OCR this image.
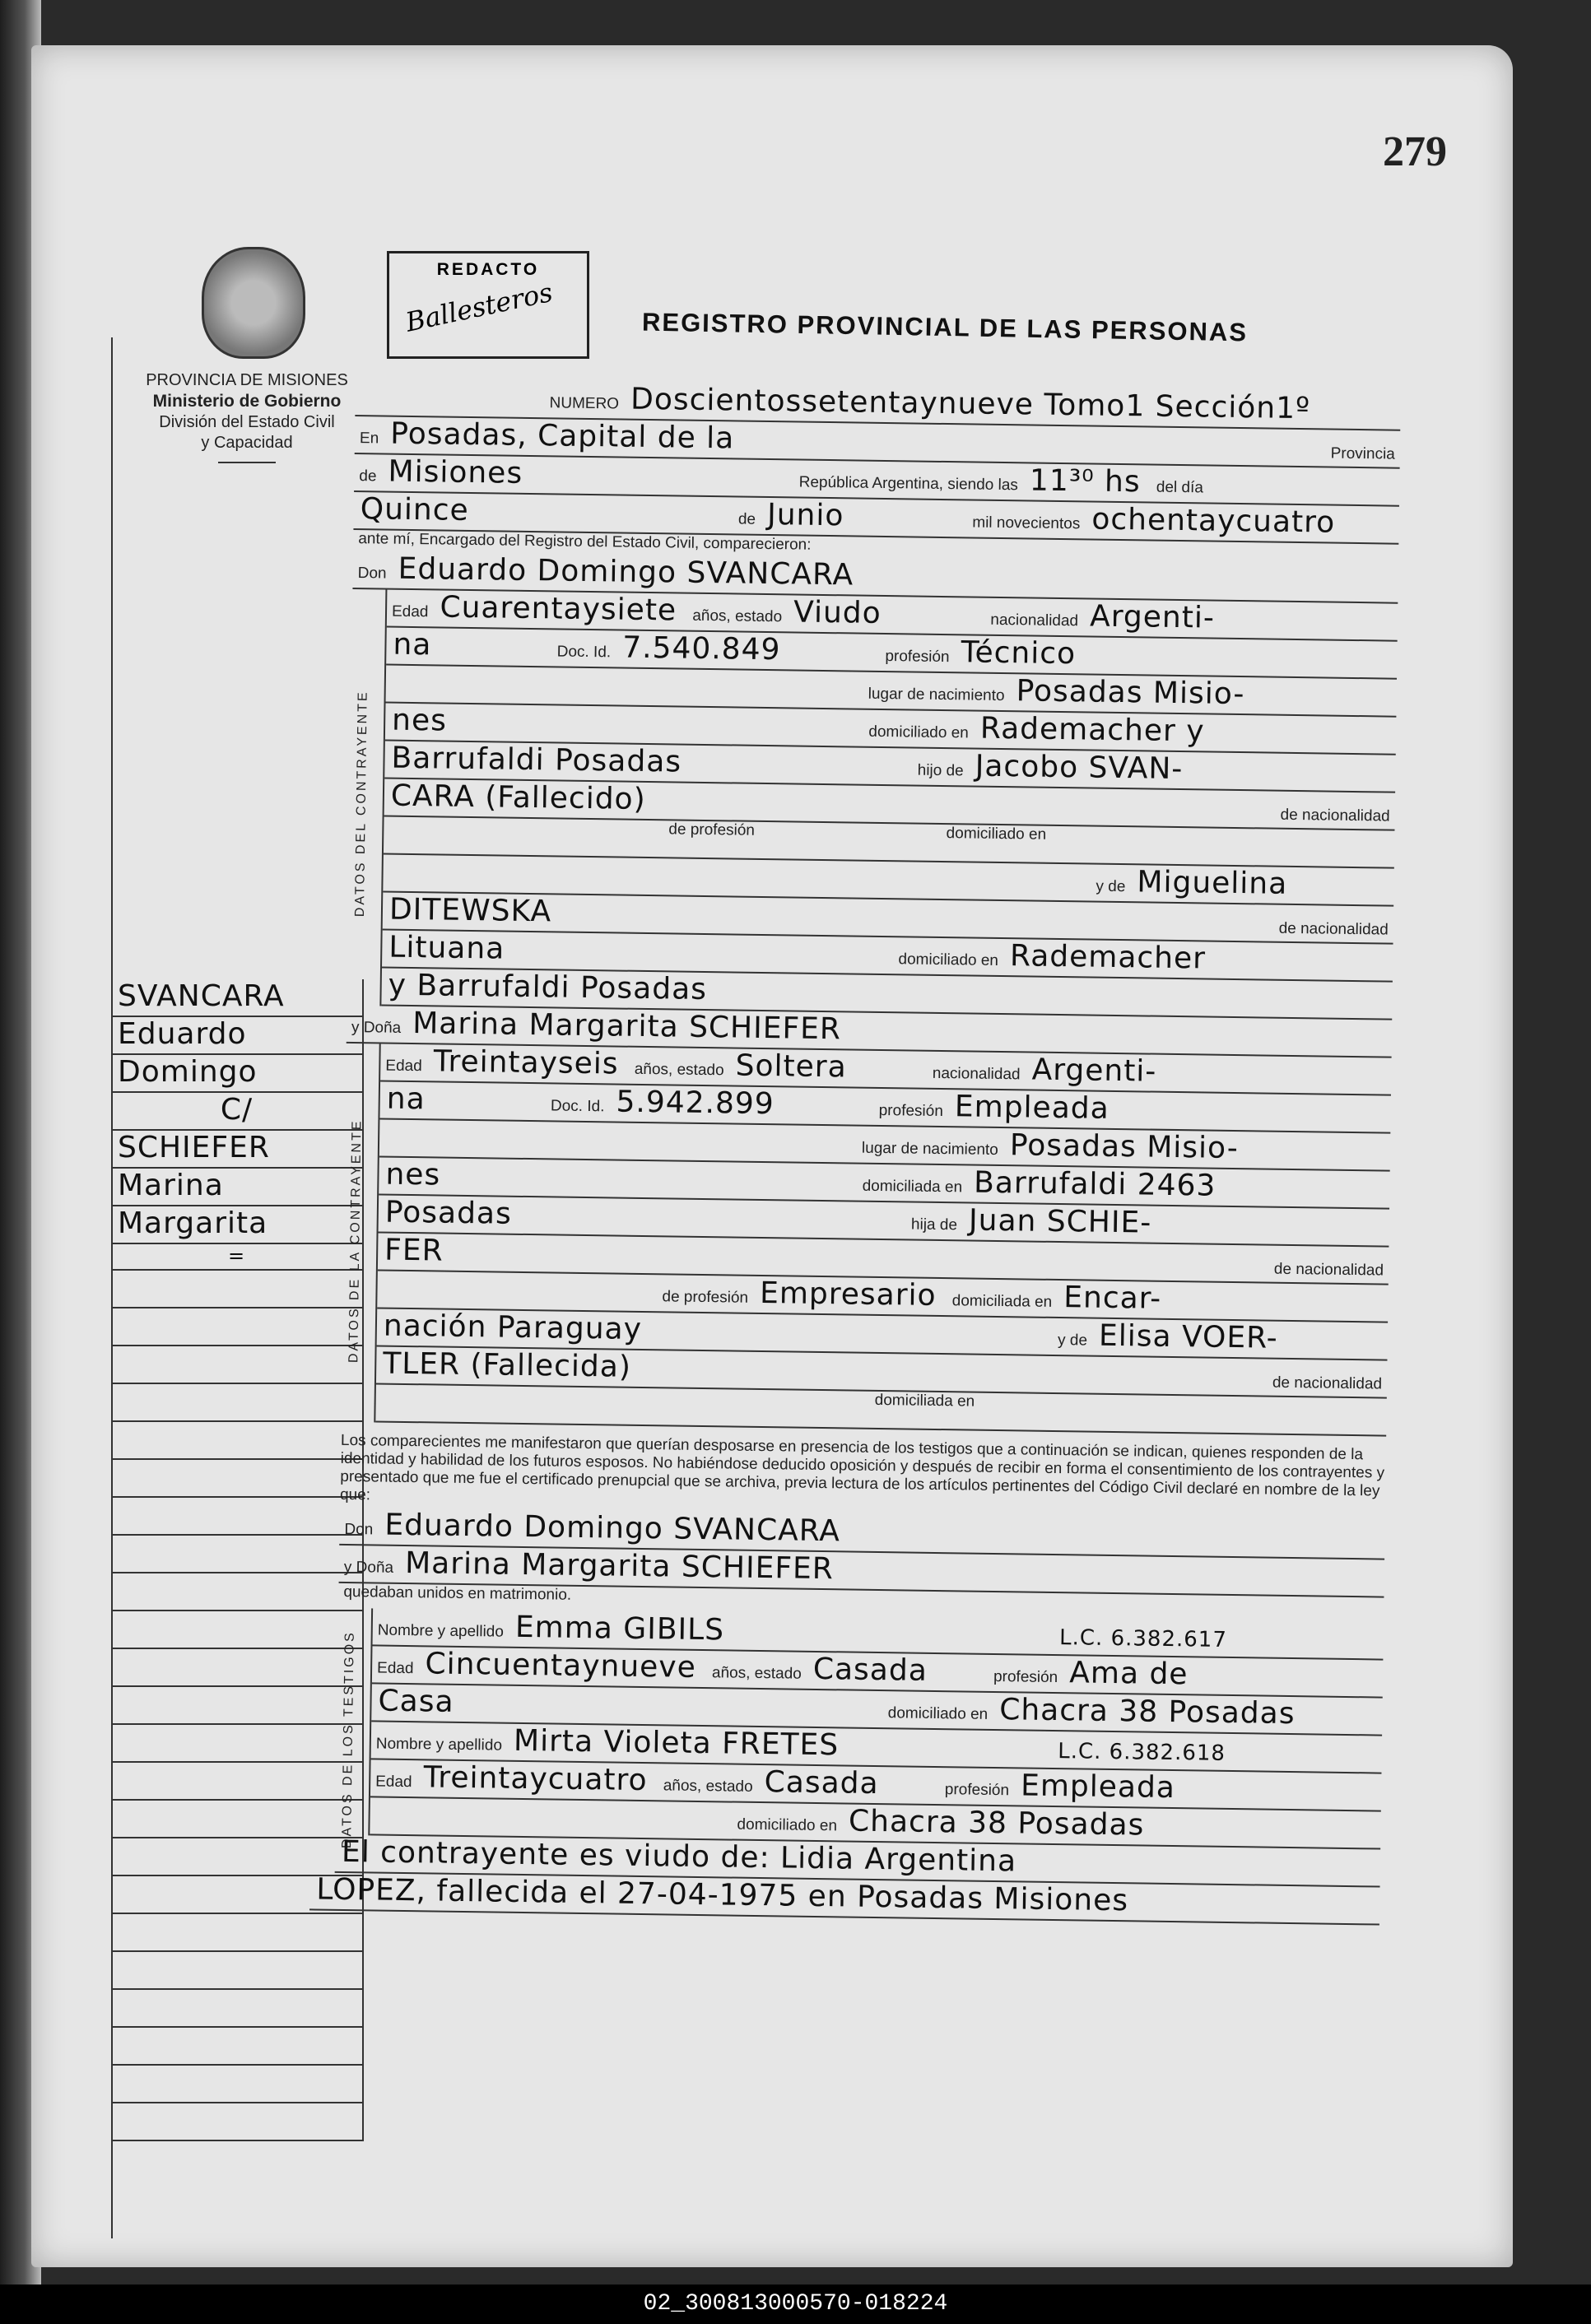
279
PROVINCIA DE MISIONES
Ministerio de Gobierno
División del Estado Civil
y Capacidad
REDACTO
Ballesteros	REGISTRO PROVINCIAL DE LAS PERSONAS
SVANCARA
Eduardo
Domingo
C/
SCHIEFER
Marina
Margarita
=
NUMERO Doscientossetentaynueve Tomo1 Sección1º
En Posadas, Capital de la	Provincia
de Misiones	República Argentina, siendo las 11³⁰ hs del día
Quince	de Junio	mil novecientos ochentaycuatro
ante mí, Encargado del Registro del Estado Civil, comparecieron:
Don Eduardo Domingo SVANCARA
DATOS DEL CONTRAYENTE
Edad Cuarentaysiete años, estado Viudo	nacionalidad Argenti-
na	Doc. Id. 7.540.849	profesión Técnico
lugar de nacimiento Posadas Misio-
nes	domiciliado en Rademacher y
Barrufaldi Posadas	hijo de Jacobo SVAN-
CARA (Fallecido)	de nacionalidad
de profesión	domiciliado en
y de Miguelina
DITEWSKA
de nacionalidad
Lituana	domiciliado en Rademacher
y Barrufaldi Posadas
y Doña Marina Margarita SCHIEFER
DATOS DE LA CONTRAYENTE
Edad Treintayseis años, estado Soltera	nacionalidad Argenti-
na	Doc. Id. 5.942.899	profesión Empleada
lugar de nacimiento Posadas Misio-
nes	domiciliada en Barrufaldi 2463
Posadas	hija de Juan SCHIE-
FER
de nacionalidad
de profesión Empresario domiciliada en Encar-
nación Paraguay	y de Elisa VOER-
TLER (Fallecida)	de nacionalidad
domiciliada en
Los comparecientes me manifestaron que querían desposarse en presencia de los testigos que a continuación se indican, quienes responden de la identidad y habilidad de los futuros esposos. No habiéndose deducido oposición y después de recibir en forma el consentimiento de los contrayentes y presentado que me fue el certificado prenupcial que se archiva, previa lectura de los artículos pertinentes del Código Civil declaré en nombre de la ley que:
Don Eduardo Domingo SVANCARA
y Doña Marina Margarita SCHIEFER
quedaban unidos en matrimonio.
DATOS DE LOS TESTIGOS	Nombre y apellido Emma GIBILS	L.C. 6.382.617
Edad Cincuentaynueve años, estado Casada	profesión Ama de
Casa	domiciliado en Chacra 38 Posadas
Nombre y apellido Mirta Violeta FRETES	L.C. 6.382.618
Edad Treintaycuatro años, estado Casada	profesión Empleada
domiciliado en Chacra 38 Posadas
El contrayente es viudo de: Lidia Argentina
LOPEZ, fallecida el 27-04-1975 en Posadas Misiones
02_300813000570-018224
